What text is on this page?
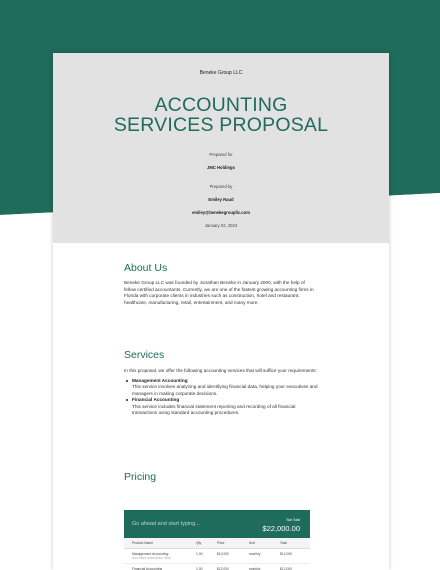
Beneke Group LLC
ACCOUNTING
SERVICES PROPOSAL
Prepared for
JMC Holdings
Prepared by
Emiley Raud
emiley@benekegroupllc.com
January 02, 2024
About Us
Beneke Group LLC was founded by Jonathan Beneke in January 2000, with the help of fellow certified accountants. Currently, we are one of the fastest growing accounting firms in Florida with corporate clients in industries such as construction, hotel and restaurant, healthcare, manufacturing, retail, entertainment, and many more.
Services
In this proposal, we offer the following accounting services that will suffice your requirements:
Management Accounting
This service involves analyzing and identifying financial data, helping your executives and managers in making corporate decisions.
Financial Accounting
This service includes financial statement reporting and recording of all financial transactions using standard accounting procedures.
Pricing
Go ahead and start typing...
Sub Total
$22,000.00
Product Name	Qty	Price	Unit	Total
Management Accounting
Add more description here	1.00	$10,000	monthly	$10,000
Financial Accounting	1.00	$12,000	monthly	$12,000
